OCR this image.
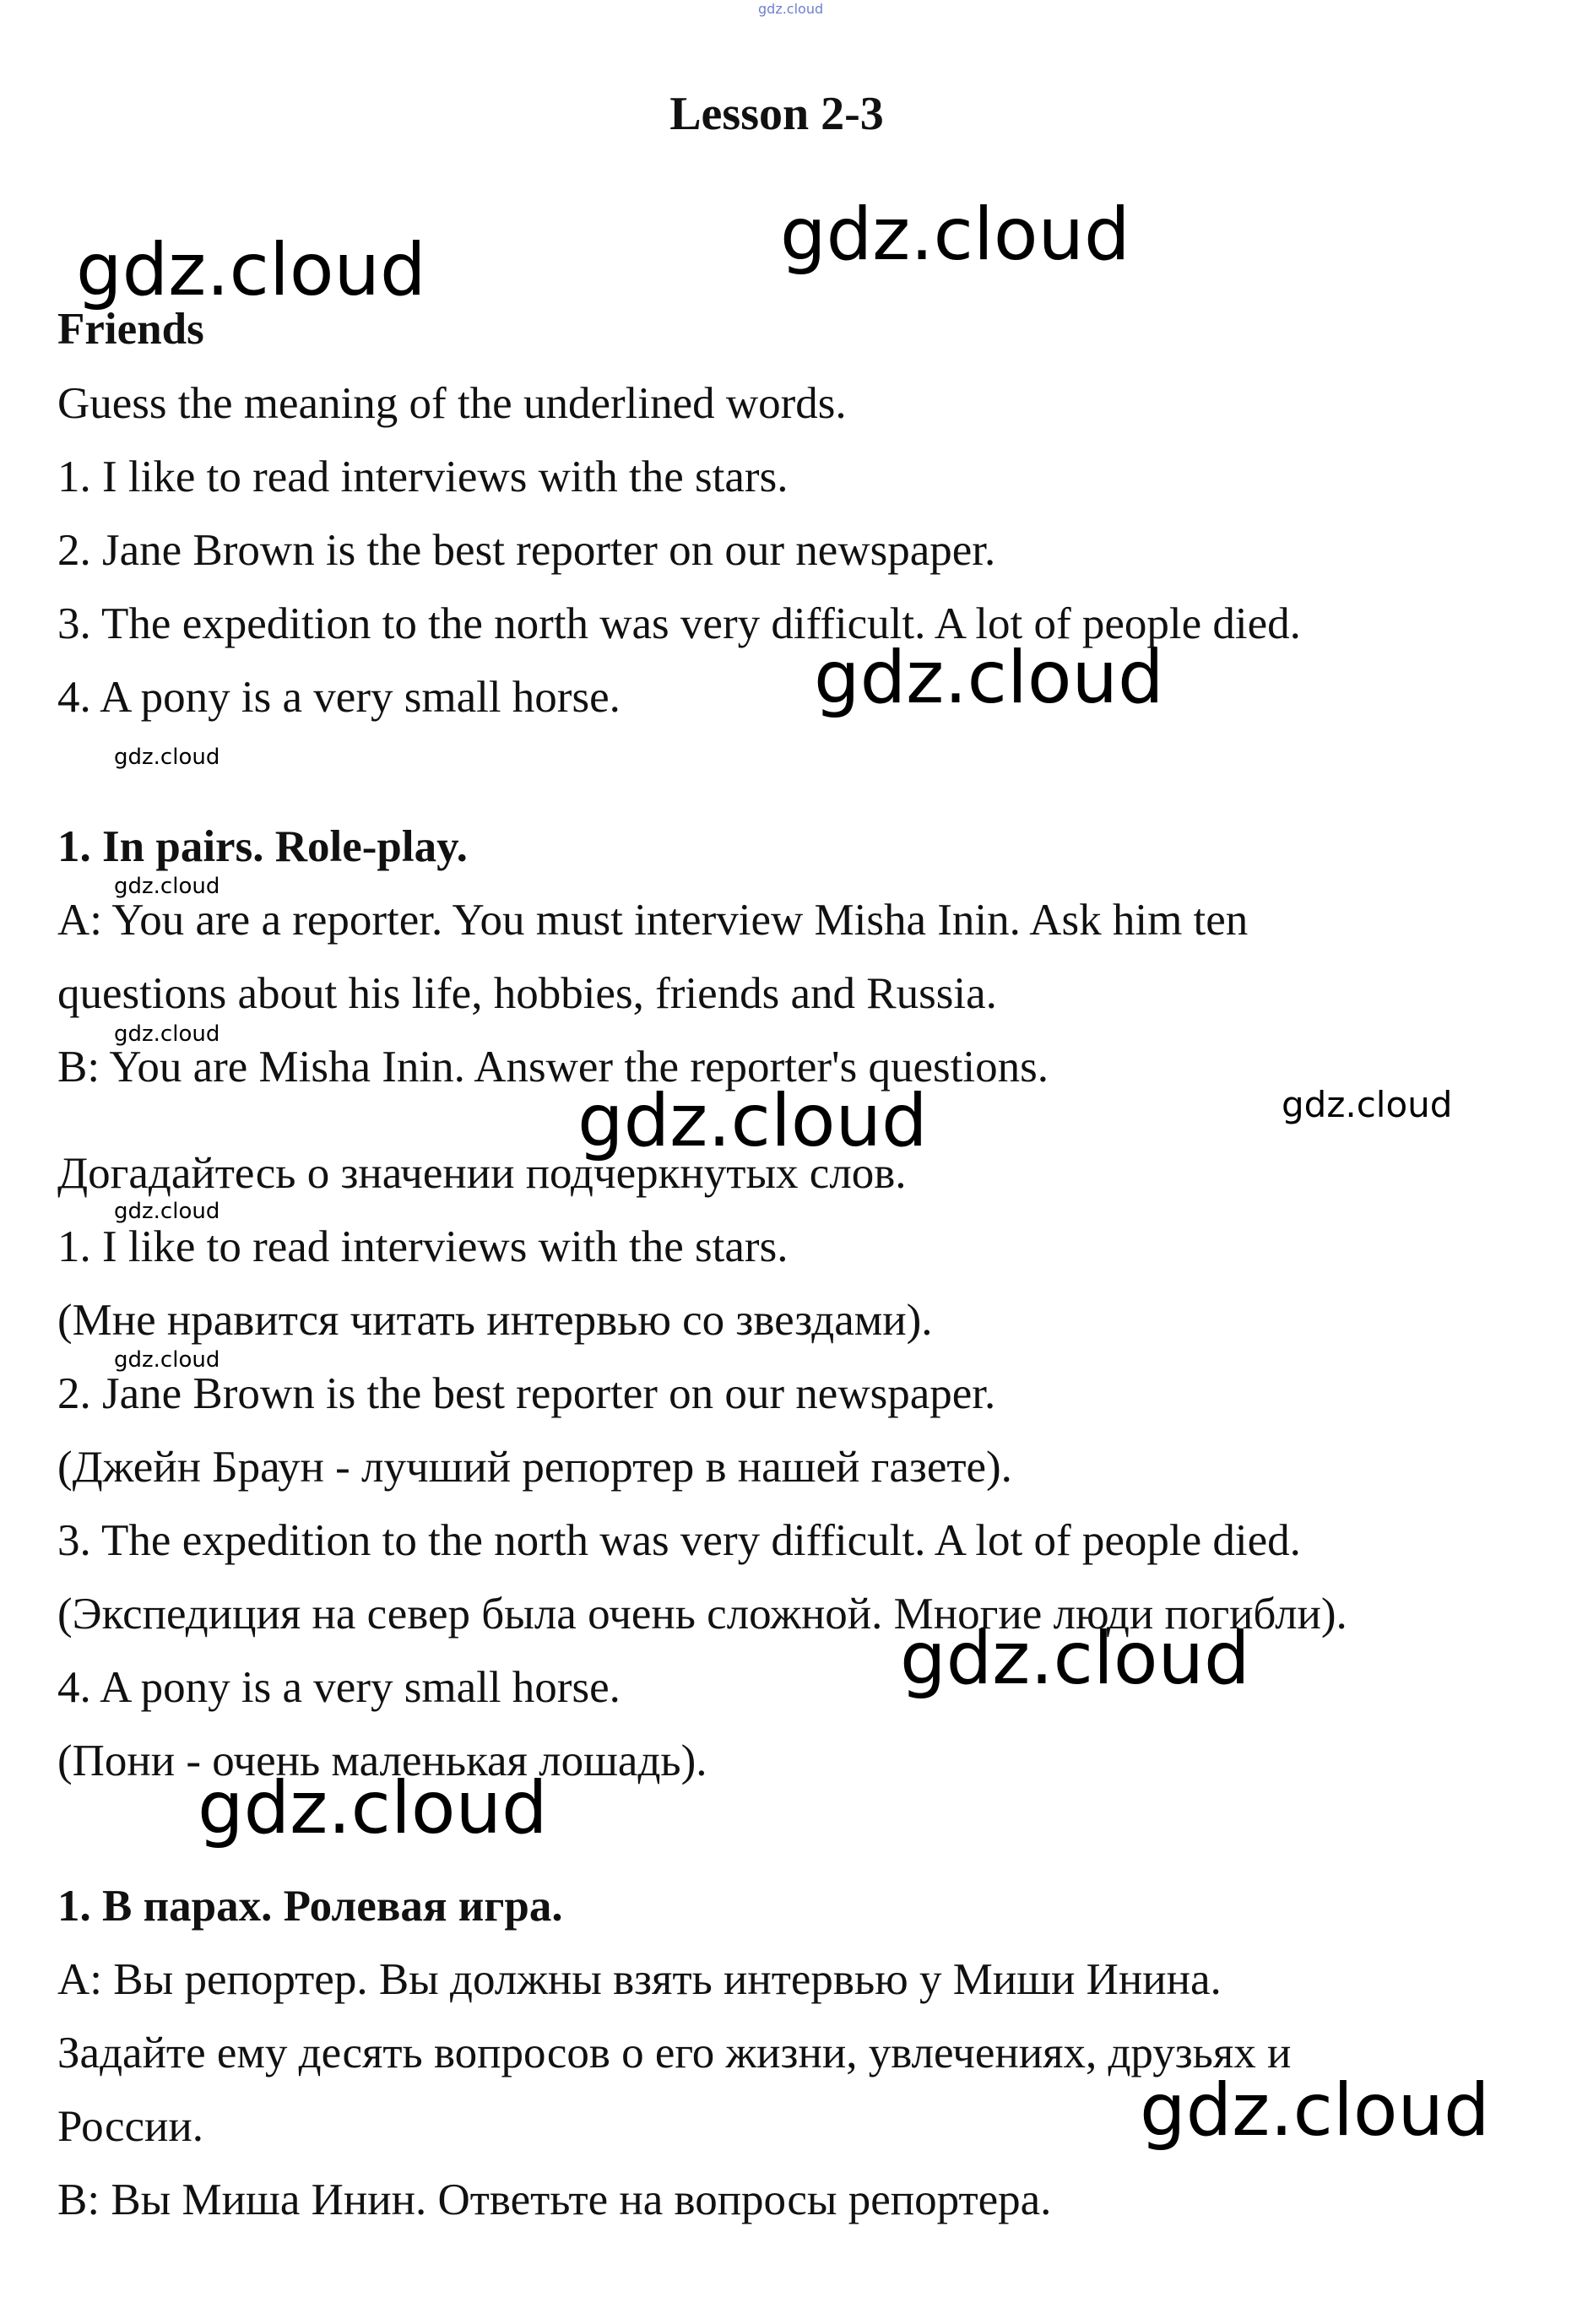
gdz.cloud
Lesson 2-3
gdz.cloud	gdz.cloud
Friends
Guess the meaning of the underlined words.
1. I like to read interviews with the stars.
2. Jane Brown is the best reporter on our newspaper.
3. The expedition to the north was very difficult. A lot of people died.
4. A pony is a very small horse.	gdz.cloud
gdz.cloud
1. In pairs. Role-play.
gdz.cloud
A: You are a reporter. You must interview Misha Inin. Ask him ten
questions about his life, hobbies, friends and Russia.
gdz.cloud
B: You are Misha Inin. Answer the reporter's questions.
gdz.cloud	gdz.cloud
Догадайтесь о значении подчеркнутых слов.
gdz.cloud
1. I like to read interviews with the stars.
(Мне нравится читать интервью со звездами).
gdz.cloud
2. Jane Brown is the best reporter on our newspaper.
(Джейн Браун - лучший репортер в нашей газете).
3. The expedition to the north was very difficult. A lot of people died.
(Экспедиция на север была очень сложной. Многие люди погибли).
gdz.cloud
4. A pony is a very small horse.
(Пони - очень маленькая лошадь).
gdz.cloud
1. В парах. Ролевая игра.
A: Вы репортер. Вы должны взять интервью у Миши Инина.
Задайте ему десять вопросов о его жизни, увлечениях, друзьях и
России.	gdz.cloud
B: Вы Миша Инин. Ответьте на вопросы репортера.
